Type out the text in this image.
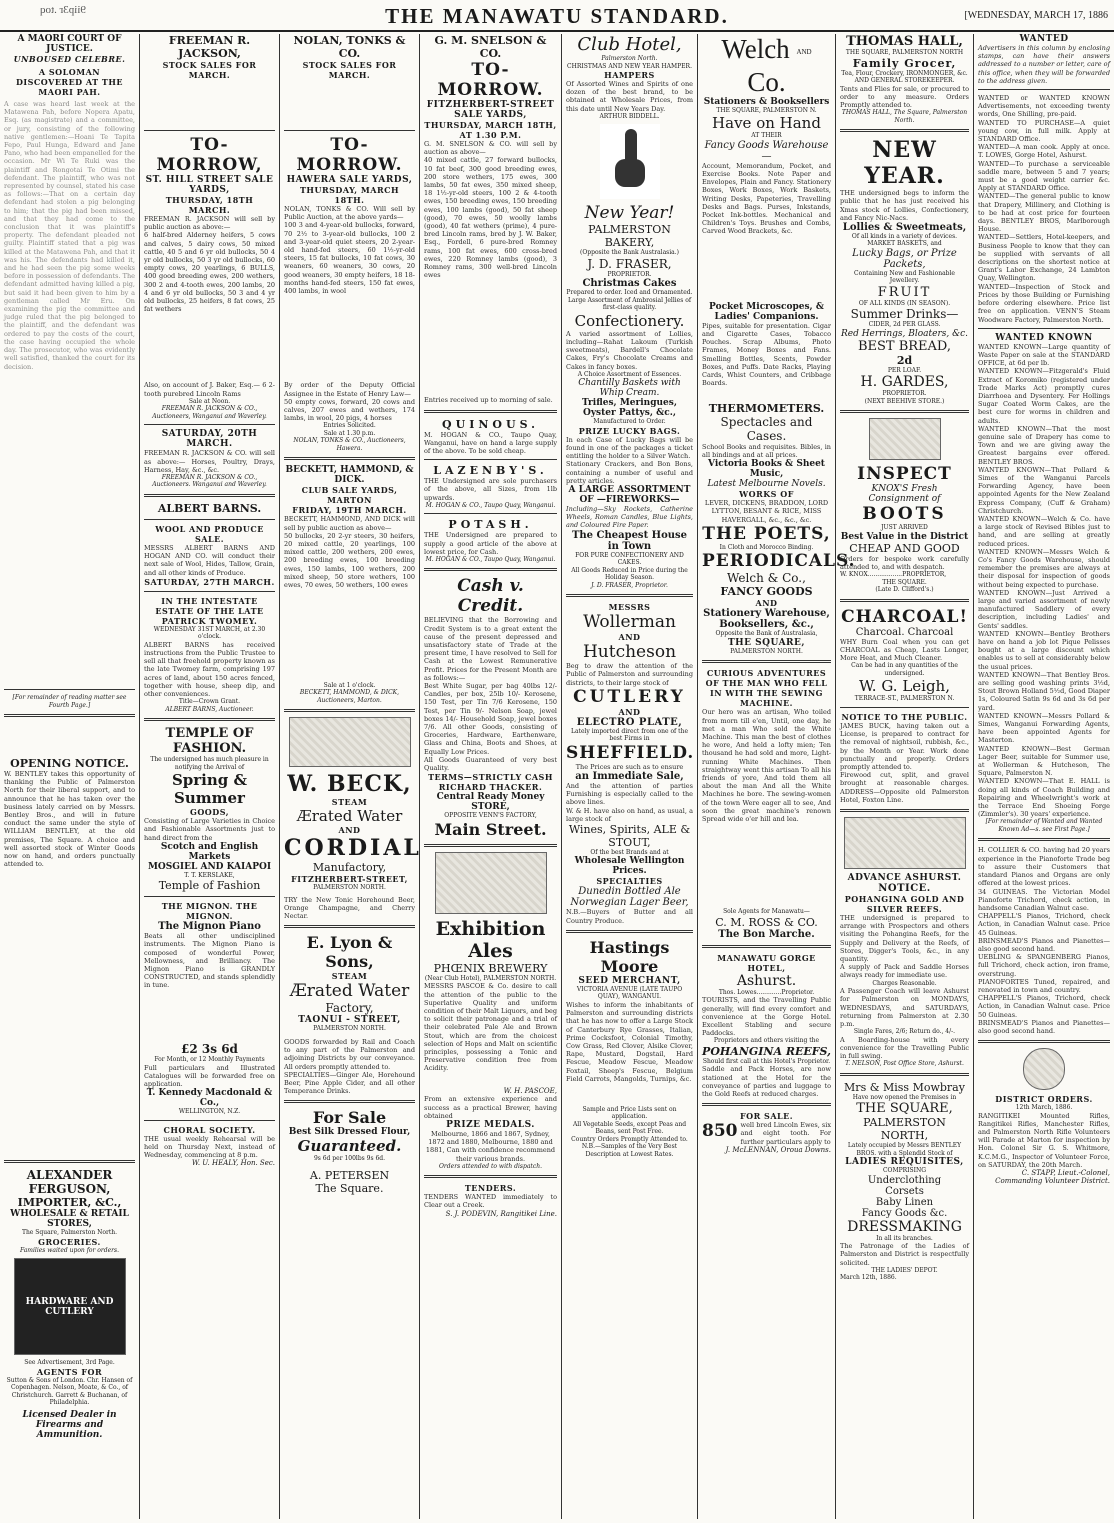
9iip3r .toq	THE MANAWATU STANDARD.	[WEDNESDAY, MARCH 17, 1886
A MAORI COURT OF JUSTICE.
UNBOUSED CELEBRE.
A SOLOMAN DISCOVERED AT THE MAORI PAH.
A case was heard last week at the Matawena Pah, before Nopera Apatu, Esq. (as magistrate) and a committee, or jury, consisting of the following native gentlemen:—Hoani Te Tapita Fepo, Paul Hunga, Edward and Jane Pano, who had been empanelled for the occasion. Mr Wi Te Ruki was the plaintiff and Rongotai Te Otimi the defendant. The plaintiff, who was not represented by counsel, stated his case as follows:—That on a certain day defendant had stolen a pig belonging to him; that the pig had been missed, and that they had come to the conclusion that it was plaintiff's property. The defendant pleaded not guilty. Plaintiff stated that a pig was killed at the Matawena Pah, and that it was his. The defendants had killed it, and he had seen the pig some weeks before in possession of defendants. The defendant admitted having killed a pig, but said it had been given to him by a gentleman called Mr Eru. On examining the pig the committee and judge ruled that the pig belonged to the plaintiff, and the defendant was ordered to pay the costs of the court, the case having occupied the whole day. The prosecutor, who was evidently well satisfied, thanked the court for its decision.
[For remainder of reading matter see Fourth Page.]
OPENING NOTICE.
W. BENTLEY takes this opportunity of thanking the Public of Palmerston North for their liberal support, and to announce that he has taken over the business lately carried on by Messrs. Bentley Bros., and will in future conduct the same under the style of WILLIAM BENTLEY, at the old premises, The Square. A choice and well assorted stock of Winter Goods now on hand, and orders punctually attended to.
ALEXANDER FERGUSON,
IMPORTER, &C.,
WHOLESALE & RETAIL STORES,
The Square, Palmerston North.
GROCERIES.
Families waited upon for orders.
HARDWARE AND CUTLERY
See Advertisement, 3rd Page.
AGENTS FOR
Sutton & Sons of London. Chr. Hansen of Copenhagen. Nelson, Moate, & Co., of Christchurch. Garrett & Buchanan, of Philadelphia.
Licensed Dealer in Firearms and Ammunition.
FREEMAN R. JACKSON,
STOCK SALES FOR MARCH.
TO-MORROW,
ST. HILL STREET SALE YARDS,
THURSDAY, 18TH MARCH.
FREEMAN R. JACKSON will sell by public auction as above:—
6 half-bred Alderney heifers, 5 cows and calves, 5 dairy cows, 50 mixed cattle, 40 5 and 6 yr old bullocks, 50 4 yr old bullocks, 50 3 yr old bullocks, 60 empty cows, 20 yearlings, 6 BULLS, 400 good breeding ewes, 200 wethers, 300 2 and 4-tooth ewes, 200 lambs, 20 4 and 6 yr old bullocks, 50 3 and 4 yr old bullocks, 25 heifers, 8 fat cows, 25 fat wethers
Also, on account of J. Baker, Esq.— 6 2-tooth purebred Lincoln Rams
Sale at Noon.
FREEMAN R. JACKSON & CO., Auctioneers, Wanganui and Waverley.
SATURDAY, 20TH MARCH.
FREEMAN R. JACKSON & CO. will sell as above:— Horses, Poultry, Drays, Harness, Hay, &c., &c.
FREEMAN R. JACKSON & CO., Auctioneers. Wanganui and Waverley.
ALBERT BARNS.
WOOL AND PRODUCE SALE.
MESSRS ALBERT BARNS AND HOGAN AND CO. will conduct their next sale of Wool, Hides, Tallow, Grain, and all other kinds of Produce.
SATURDAY, 27TH MARCH.
IN THE INTESTATE ESTATE OF THE LATE PATRICK TWOMEY.
WEDNESDAY 31ST MARCH, at 2.30 o'clock.
ALBERT BARNS has received instructions from the Public Trustee to sell all that freehold property known as the late Twomey farm, comprising 197 acres of land, about 150 acres fenced, together with house, sheep dip, and other conveniences.
Title—Crown Grant.
ALBERT BARNS, Auctioneer.
TEMPLE OF FASHION.
The undersigned has much pleasure in notifying the Arrival of
Spring & Summer
GOODS,
Consisting of Large Varieties in Choice and Fashionable Assortments just to hand direct from the
Scotch and English Markets
MOSGIEL AND KAIAPOI
T. T. KERSLAKE,
Temple of Fashion
THE MIGNON. THE MIGNON.
The Mignon Piano
Beats all other undisciplined instruments. The Mignon Piano is composed of wonderful Power, Mellowness, and Brilliancy. The Mignon Piano is GRANDLY CONSTRUCTED, and stands splendidly in tune.
£2 3s 6d
For Month, or 12 Monthly Payments
Full particulars and Illustrated Catalogues will be forwarded free on application.
T. Kennedy Macdonald & Co.,
WELLINGTON, N.Z.
CHORAL SOCIETY.
THE usual weekly Rehearsal will be held on Thursday Next, instead of Wednesday, commencing at 8 p.m.
W. U. HEALY, Hon. Sec.
NOLAN, TONKS & CO.
STOCK SALES FOR MARCH.
TO-MORROW.
HAWERA SALE YARDS,
THURSDAY, MARCH 18TH.
NOLAN, TONKS & CO. Will sell by Public Auction, at the above yards—
100 3 and 4-year-old bullocks, forward, 70 2½ to 3-year-old bullocks, 100 2 and 3-year-old quiet steers, 20 2-year-old hand-fed steers, 60 1½-yr-old steers, 15 fat bullocks, 10 fat cows, 30 weaners, 60 weaners, 30 cows, 20 good weaners, 30 empty heifers, 18 18-months hand-fed steers, 150 fat ewes, 400 lambs, in wool
By order of the Deputy Official Assignee in the Estate of Henry Law—
50 empty cows, forward, 20 cows and calves, 207 ewes and wethers, 174 lambs, in wool, 20 pigs, 4 horses
Entries Solicited.
Sale at 1.30 p.m.
NOLAN, TONKS & CO., Auctioneers, Hawera.
BECKETT, HAMMOND, & DICK.
CLUB SALE YARDS, MARTON
FRIDAY, 19TH MARCH.
BECKETT, HAMMOND, AND DICK will sell by public auction as above—
50 bullocks, 20 2-yr steers, 30 heifers, 20 mixed cattle, 20 yearlings, 100 mixed cattle, 200 wethers, 200 ewes, 200 breeding ewes, 100 breeding ewes, 150 lambs, 100 wethers, 200 mixed sheep, 50 store wethers, 100 ewes, 70 ewes, 50 wethers, 100 ewes
Sale at 1 o'clock.
BECKETT, HAMMOND, & DICK, Auctioneers, Marton.
W. BECK,
STEAM
Ærated Water
AND
CORDIAL
Manufactory,
FITZHERBERT-STREET,
PALMERSTON NORTH.
TRY the New Tonic Horehound Beer, Orange Champagne, and Cherry Nectar.
E. Lyon & Sons,
STEAM
Ærated Water
Factory,
TAONUI - STREET,
PALMERSTON NORTH.
GOODS forwarded by Rail and Coach to any part of the Palmerston and adjoining Districts by our conveyance. All orders promptly attended to.
SPECIALTIES—Ginger Ale, Horehound Beer, Pine Apple Cider, and all other Temperance Drinks.
For Sale
Best Silk Dressed Flour,
Guaranteed.
9s 6d per 100lbs 9s 6d.
A. PETERSEN
The Square.
G. M. SNELSON & CO.
TO-MORROW.
FITZHERBERT-STREET SALE YARDS,
THURSDAY, MARCH 18TH, AT 1.30 P.M.
G. M. SNELSON & CO. will sell by auction as above—
40 mixed cattle, 27 forward bullocks, 10 fat beef, 300 good breeding ewes, 200 store wethers, 175 ewes, 300 lambs, 50 fat ewes, 350 mixed sheep, 18 1½-yr-old steers, 100 2 & 4-tooth ewes, 150 breeding ewes, 150 breeding ewes, 100 lambs (good), 50 fat sheep (good), 70 ewes, 50 woolly lambs (good), 40 fat wethers (prime), 4 pure-bred Lincoln rams, bred by J. W. Baker, Esq., Fordell, 6 pure-bred Romney rams, 100 fat ewes, 600 cross-bred ewes, 220 Romney lambs (good), 3 Romney rams, 300 well-bred Lincoln ewes
Entries received up to morning of sale.
QUINOUS.
M. HOGAN & CO., Taupo Quay, Wanganui, have on hand a large supply of the above. To be sold cheap.
LAZENBY'S.
THE Undersigned are sole purchasers of the above, all Sizes, from 1lb upwards.
M. HOGAN & CO., Taupo Quay, Wanganui.
POTASH.
THE Undersigned are prepared to supply a good article of the above at lowest price, for Cash.
M. HOGAN & CO., Taupo Quay, Wanganui.
Cash v. Credit.
BELIEVING that the Borrowing and Credit System is to a great extent the cause of the present depressed and unsatisfactory state of Trade at the present time, I have resolved to Sell for Cash at the Lowest Remunerative Profit. Prices for the Present Month are as follows:—
Best White Sugar, per bag 40lbs 12/- Candles, per box, 25lb 10/- Kerosene, 150 Test, per Tin 7/6 Kerosene, 150 Test, per Tin 9/- Nelson Soap, jewel boxes 14/- Household Soap, jewel boxes 7/6. All other Goods, consisting of Groceries, Hardware, Earthenware, Glass and China, Boots and Shoes, at Equally Low Prices.
All Goods Guaranteed of very best Quality.
TERMS—STRICTLY CASH
RICHARD THACKER.
Central Ready Money STORE,
OPPOSITE VENN'S FACTORY,
Main Street.
Exhibition Ales
PHŒNIX BREWERY
(Near Club Hotel), PALMERSTON NORTH.
MESSRS PASCOE & Co. desire to call the attention of the public to the Superlative Quality and uniform condition of their Malt Liquors, and beg to solicit their patronage and a trial of their celebrated Pale Ale and Brown Stout, which are from the choicest selection of Hops and Malt on scientific principles, possessing a Tonic and Preservative condition free from Acidity.
W. H. PASCOE,
From an extensive experience and success as a practical Brewer, having obtained
PRIZE MEDALS.
Melbourne, 1866 and 1867, Sydney, 1872 and 1880, Melbourne, 1880 and 1881, Can with confidence recommend their various brands.
Orders attended to with dispatch.
TENDERS.
TENDERS WANTED immediately to Clear out a Creek.
S. J. PODEVIN, Rangitikei Line.
Club Hotel,
Palmerston North.
CHRISTMAS AND NEW YEAR HAMPER.
HAMPERS
Of Assorted Wines and Spirits of one dozen of the best brand, to be obtained at Wholesale Prices, from this date until New Years Day.
ARTHUR BIDDELL.
New Year!
PALMERSTON BAKERY,
(Opposite the Bank Australasia.)
J. D. FRASER,
PROPRIETOR.
Christmas Cakes
Prepared to order. Iced and Ornamented.
Large Assortment of Ambrosial Jellies of first-class quality.
Confectionery.
A varied assortment of Lollies, including—Rahat Lakoum (Turkish sweetmeats), Bardell's Chocolate Cakes, Fry's Chocolate Creams and Cakes in fancy boxes.
A Choice Assortment of Essences.
Chantilly Baskets with Whip Cream.
Trifles, Meringues, Oyster Pattys, &c.,
Manufactured to Order.
PRIZE LUCKY BAGS.
In each Case of Lucky Bags will be found in one of the packages a ticket entitling the holder to a Silver Watch.
Stationary Crackers, and Bon Bons, containing a number of useful and pretty articles.
A LARGE ASSORTMENT OF —FIREWORKS—
Including—Sky Rockets, Catherine Wheels, Roman Candles, Blue Lights, and Coloured Fire Paper.
The Cheapest House in Town
FOR PURE CONFECTIONERY AND CAKES.
All Goods Reduced in Price during the Holiday Season.
J. D. FRASER, Proprietor.
MESSRS
Wollerman
AND
Hutcheson
Beg to draw the attention of the Public of Palmerston and surrounding districts, to their large stock of
CUTLERY
AND
ELECTRO PLATE,
Lately imported direct from one of the best Firms in
SHEFFIELD.
The Prices are such as to ensure
an Immediate Sale,
And the attention of parties Furnishing is especially called to the above lines.
W. & H. have also on hand, as usual, a large stock of
Wines, Spirits, ALE & STOUT,
Of the best Brands and at
Wholesale Wellington Prices.
SPECIALTIES
Dunedin Bottled Ale
Norwegian Lager Beer,
N.B.—Buyers of Butter and all Country Produce.
Hastings Moore
SEED MERCHANT,
VICTORIA AVENUE (LATE TAUPO QUAY), WANGANUI.
Wishes to inform the inhabitants of Palmerston and surrounding districts that he has now to offer a Large Stock of Canterbury Rye Grasses, Italian, Prime Cocksfoot, Colonial Timothy, Cow Grass, Red Clover, Alsike Clover, Rape, Mustard, Dogstail, Hard Fescue, Meadow Fescue, Meadow Foxtail, Sheep's Fescue, Belgium Field Carrots, Mangolds, Turnips, &c.
Sample and Price Lists sent on application.
All Vegetable Seeds, except Peas and Beans, sent Post Free.
Country Orders Promptly Attended to.
N.B.—Samples of the Very Best Description at Lowest Rates.
Welch AND Co.
Stationers & Booksellers
THE SQUARE, PALMERSTON N.
Have on Hand
AT THEIR
Fancy Goods Warehouse—
Account, Memorandum, Pocket, and Exercise Books. Note Paper and Envelopes, Plain and Fancy. Stationery Boxes, Work Boxes, Work Baskets, Writing Desks, Papeteries, Travelling Desks and Bags. Purses, Inkstands, Pocket Ink-bottles. Mechanical and Children's Toys. Brushes and Combs, Carved Wood Brackets, &c.
Pocket Microscopes, & Ladies' Companions.
Pipes, suitable for presentation. Cigar and Cigarette Cases, Tobacco Pouches. Scrap Albums, Photo Frames, Money Boxes and Fans. Smelling Bottles, Scents, Powder Boxes, and Puffs. Date Racks, Playing Cards, Whist Counters, and Cribbage Boards.
THERMOMETERS.
Spectacles and Cases.
School Books and requisites. Bibles, in all bindings and at all prices.
Victoria Books & Sheet Music,
Latest Melbourne Novels.
WORKS OF
LEVER, DICKENS, BRADDON, LORD LYTTON, BESANT & RICE, MISS HAVERGALL, &c., &c., &c.
THE POETS,
In Cloth and Morocco Binding.
PERIODICALS.
Welch & Co.,
FANCY GOODS
AND
Stationery Warehouse,
Booksellers, &c.,
Opposite the Bank of Australasia,
THE SQUARE,
PALMERSTON NORTH.
CURIOUS ADVENTURES OF THE MAN WHO FELL IN WITH THE SEWING MACHINE.
Our hero was an artisan, Who toiled from morn till e'en, Until, one day, he met a man Who sold the White Machine. This man the best of clothes he wore, And held a lofty mien; Ten thousand he had sold and more, Light-running White Machines. Then straightway went this artisan To all his friends of yore, And told them all about the man And all the White Machines he bore. The sewing-women of the town Were eager all to see, And soon the great machine's renown Spread wide o'er hill and lea.
Sole Agents for Manawatu—
C. M. ROSS & CO.
The Bon Marche.
MANAWATU GORGE HOTEL,
Ashurst.
Thos. Lowes.............Proprietor.
TOURISTS, and the Travelling Public generally, will find every comfort and convenience at the Gorge Hotel. Excellent Stabling and secure Paddocks.
Proprietors and others visiting the
POHANGINA REEFS,
Should first call at this Hotel's Proprietor.
Saddle and Pack Horses, are now stationed at the Hotel for the conveyance of parties and luggage to the Gold Reefs at reduced charges.
FOR SALE.
850 well bred Lincoln Ewes, six and eight tooth. For further particulars apply to
J. McLENNAN, Oroua Downs.
THOMAS HALL,
THE SQUARE, PALMERSTON NORTH
Family Grocer,
Tea, Flour, Crockery, IRONMONGER, &c. AND GENERAL STOREKEEPER.
Tents and Flies for sale, or procured to order to any measure. Orders Promptly attended to.
THOMAS HALL, The Square, Palmerston North.
NEW YEAR.
THE undersigned begs to inform the public that he has just received his Xmas stock of Lollies, Confectionery, and Fancy Nic-Nacs.
Lollies & Sweetmeats,
Of all kinds in a variety of devices.
MARKET BASKETS, and
Lucky Bags, or Prize Packets,
Containing New and Fashionable Jewellery.
FRUIT
OF ALL KINDS (IN SEASON).
Summer Drinks—
CIDER, 2d PER GLASS.
Red Herrings, Bloaters, &c.
BEST BREAD,
2d
PER LOAF.
H. GARDES,
PROPRIETOR.
(NEXT BEEHIVE STORE.)
INSPECT
KNOX'S Fresh Consignment of
BOOTS
JUST ARRIVED
Best Value in the District
CHEAP AND GOOD
Orders for bespoke work carefully attended to, and with despatch.
W. KNOX..................PROPRIETOR,
THE SQUARE.
(Late D. Clifford's.)
CHARCOAL!
Charcoal. Charcoal
WHY Burn Coal when you can get CHARCOAL as Cheap, Lasts Longer, More Heat, and Much Cleaner.
Can be had in any quantities of the undersigned.
W. G. Leigh,
TERRACE-ST., PALMERSTON N.
NOTICE TO THE PUBLIC.
JAMES BUCK, having taken out a License, is prepared to contract for the removal of nightsoil, rubbish, &c., by the Month or Year. Work done punctually and properly. Orders promptly attended to.
Firewood cut, split, and gravel brought at reasonable charges. ADDRESS—Opposite old Palmerston Hotel, Foxton Line.
ADVANCE ASHURST.
NOTICE.
POHANGINA GOLD AND SILVER REEFS.
THE undersigned is prepared to arrange with Prospectors and others visiting the Pohangina Reefs, for the Supply and Delivery at the Reefs, of Stores, Digger's Tools, &c., in any quantity.
A supply of Pack and Saddle Horses always ready for immediate use.
Charges Reasonable.
A Passenger Coach will leave Ashurst for Palmerston on MONDAYS, WEDNESDAYS, and SATURDAYS, returning from Palmerston at 2.30 p.m.
Single Fares, 2/6; Return do., 4/-.
A Boarding-house with every convenience for the Travelling Public in full swing.
T. NELSON, Post Office Store, Ashurst.
Mrs & Miss Mowbray
Have now opened the Premises in
THE SQUARE,
PALMERSTON NORTH,
Lately occupied by Messrs BENTLEY BROS. with a Splendid Stock of
LADIES REQUISITES,
COMPRISING
Underclothing
Corsets
Baby Linen
Fancy Goods &c.
DRESSMAKING
In all its branches.
The Patronage of the Ladies of Palmerston and District is respectfully solicited.
THE LADIES' DEPOT.
March 12th, 1886.
WANTED
Advertisers in this column by enclosing stamps, can have their answers addressed to a number or letter, care of this office, when they will be forwarded to the address given.
WANTED or WANTED KNOWN Advertisements, not exceeding twenty words, One Shilling, pre-paid.
WANTED TO PURCHASE—A quiet young cow, in full milk. Apply at STANDARD Office.
WANTED—A man cook. Apply at once. T. LOWES, Gorge Hotel, Ashurst.
WANTED—To purchase a serviceable saddle mare, between 5 and 7 years; must be a good weight carrier &c. Apply at STANDARD Office.
WANTED—The general public to know that Drapery, Millinery, and Clothing is to be had at cost price for fourteen days. BENTLEY BROS, Marlborough House.
WANTED—Settlers, Hotel-keepers, and Business People to know that they can be supplied with servants of all descriptions on the shortest notice at Grant's Labor Exchange, 24 Lambton Quay, Wellington.
WANTED—Inspection of Stock and Prices by those Building or Furnishing before ordering elsewhere. Price list free on application. VENN'S Steam Woodware Factory, Palmerston North.
WANTED KNOWN
WANTED KNOWN—Large quantity of Waste Paper on sale at the STANDARD OFFICE, at 6d per lb.
WANTED KNOWN—Fitzgerald's Fluid Extract of Koromiko (registered under Trade Marks Act) promptly cures Diarrhoea and Dysentery. Fer Hollings Sugar Coated Worm Cakes, are the best cure for worms in children and adults.
WANTED KNOWN—That the most genuine sale of Drapery has come to Town and we are giving away the Greatest bargains ever offered. BENTLEY BROS.
WANTED KNOWN—That Pollard & Simes of the Wanganui Parcels Forwarding Agency, have been appointed Agents for the New Zealand Express Company, (Cuff & Graham) Christchurch.
WANTED KNOWN—Welch & Co. have a large stock of Revised Bibles just to hand, and are selling at greatly reduced prices.
WANTED KNOWN—Messrs Welch & Co's Fancy Goods Warehouse, should remember the premises are always at their disposal for inspection of goods without being expected to purchase.
WANTED KNOWN—Just Arrived a large and varied assortment of newly manufactured Saddlery of every description, including Ladies' and Gents' saddles.
WANTED KNOWN—Bentley Brothers have on hand a job lot Pique Pelisses bought at a large discount which enables us to sell at considerably below the usual prices.
WANTED KNOWN—That Bentley Bros. are selling good washing prints 3½d, Stout Brown Holland 5½d, Good Diaper 1s, Coloured Satin 9s 6d and 3s 6d per yard.
WANTED KNOWN—Messrs Pollard & Simes, Wanganui Forwarding Agents, have been appointed Agents for Masterton.
WANTED KNOWN—Best German Lager Beer, suitable for Summer use, at Wollerman & Hutcheson, The Square, Palmerston N.
WANTED KNOWN—That E. HALL is doing all kinds of Coach Building and Repairing and Wheelwright's work at the Terrace End Shoeing Forge (Zimmler's). 30 years' experience.
[For remainder of Wanted and Wanted Known Ad—s. see First Page.]
H. COLLIER & CO. having had 20 years experience in the Pianoforte Trade beg to assure their Customers that standard Pianos and Organs are only offered at the lowest prices.
34 GUINEAS. The Victorian Model Pianoforte Trichord, check action, in handsome Canadian Walnut case.
CHAPPELL'S Pianos, Trichord, check Action, in Canadian Walnut case. Price 45 Guineas.
BRINSMEAD'S Pianos and Pianettes—also good second hand.
UEBLING & SPANGENBERG Pianos, full Trichord, check action, iron frame, overstrung.
PIANOFORTES Tuned, repaired, and renovated in town and country.
CHAPPELL'S Pianos, Trichord, check Action, in Canadian Walnut case. Price 50 Guineas.
BRINSMEAD'S Pianos and Pianettes—also good second hand.
DISTRICT ORDERS.
12th March, 1886.
RANGITIKEI Mounted Rifles, Rangitikei Rifles, Manchester Rifles, and Palmerston North Rifle Volunteers will Parade at Marton for inspection by Hon. Colonel Sir G. S. Whitmore, K.C.M.G., Inspector of Volunteer Force, on SATURDAY, the 20th March.
C. STAPP, Lieut.-Colonel, Commanding Volunteer District.
